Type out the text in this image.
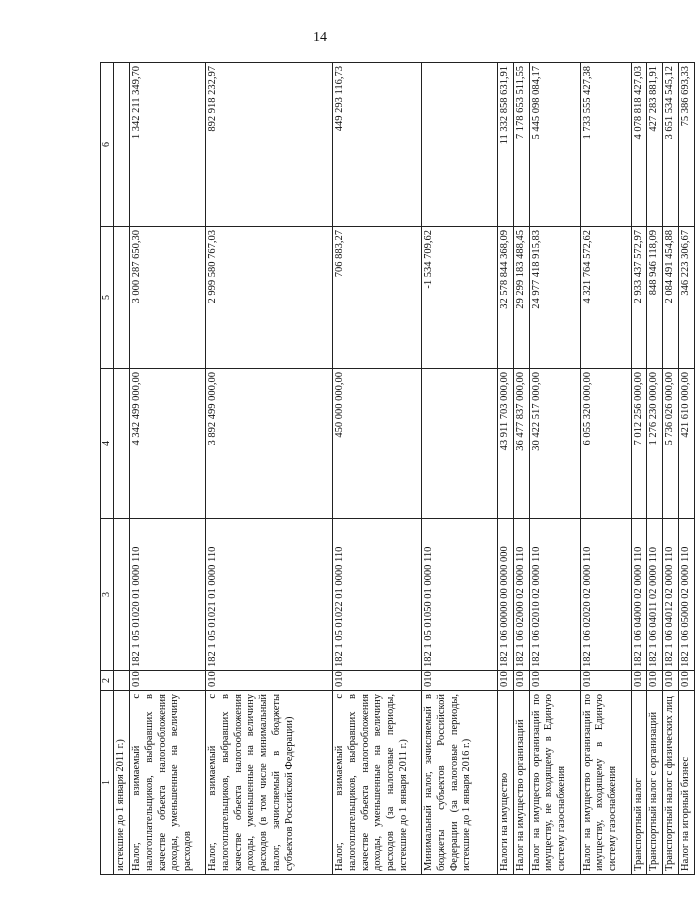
14
1	2	3	4	5	6
истекшие до 1 января 2011 г.)					
Налог, взимаемый с налогоплательщиков, выбравших в качестве объекта налогообложения доходы, уменьшенные на величину расходов	010	182 1 05 01020 01 0000 110	4 342 499 000,00	3 000 287 650,30	1 342 211 349,70
Налог, взимаемый с налогоплательщиков, выбравших в качестве объекта налогообложения доходы, уменьшенные на величину расходов (в том числе минимальный налог, зачисляемый в бюджеты субъектов Российской Федерации)	010	182 1 05 01021 01 0000 110	3 892 499 000,00	2 999 580 767,03	892 918 232,97
Налог, взимаемый с налогоплательщиков, выбравших в качестве объекта налогообложения доходы, уменьшенные на величину расходов (за налоговые периоды, истекшие до 1 января 2011 г.)	010	182 1 05 01022 01 0000 110	450 000 000,00	706 883,27	449 293 116,73
Минимальный налог, зачисляемый в бюджеты субъектов Российской Федерации (за налоговые периоды, истекшие до 1 января 2016 г.)	010	182 1 05 01050 01 0000 110		-1 534 709,62	
Налоги на имущество	010	182 1 06 00000 00 0000 000	43 911 703 000,00	32 578 844 368,09	11 332 858 631,91
Налог на имущество организаций	010	182 1 06 02000 02 0000 110	36 477 837 000,00	29 299 183 488,45	7 178 653 511,55
Налог на имущество организаций по имуществу, не входящему в Единую систему газоснабжения	010	182 1 06 02010 02 0000 110	30 422 517 000,00	24 977 418 915,83	5 445 098 084,17
Налог на имущество организаций по имуществу, входящему в Единую систему газоснабжения	010	182 1 06 02020 02 0000 110	6 055 320 000,00	4 321 764 572,62	1 733 555 427,38
Транспортный налог	010	182 1 06 04000 02 0000 110	7 012 256 000,00	2 933 437 572,97	4 078 818 427,03
Транспортный налог с организаций	010	182 1 06 04011 02 0000 110	1 276 230 000,00	848 946 118,09	427 283 881,91
Транспортный налог с физических лиц	010	182 1 06 04012 02 0000 110	5 736 026 000,00	2 084 491 454,88	3 651 534 545,12
Налог на игорный бизнес	010	182 1 06 05000 02 0000 110	421 610 000,00	346 223 306,67	75 386 693,33
